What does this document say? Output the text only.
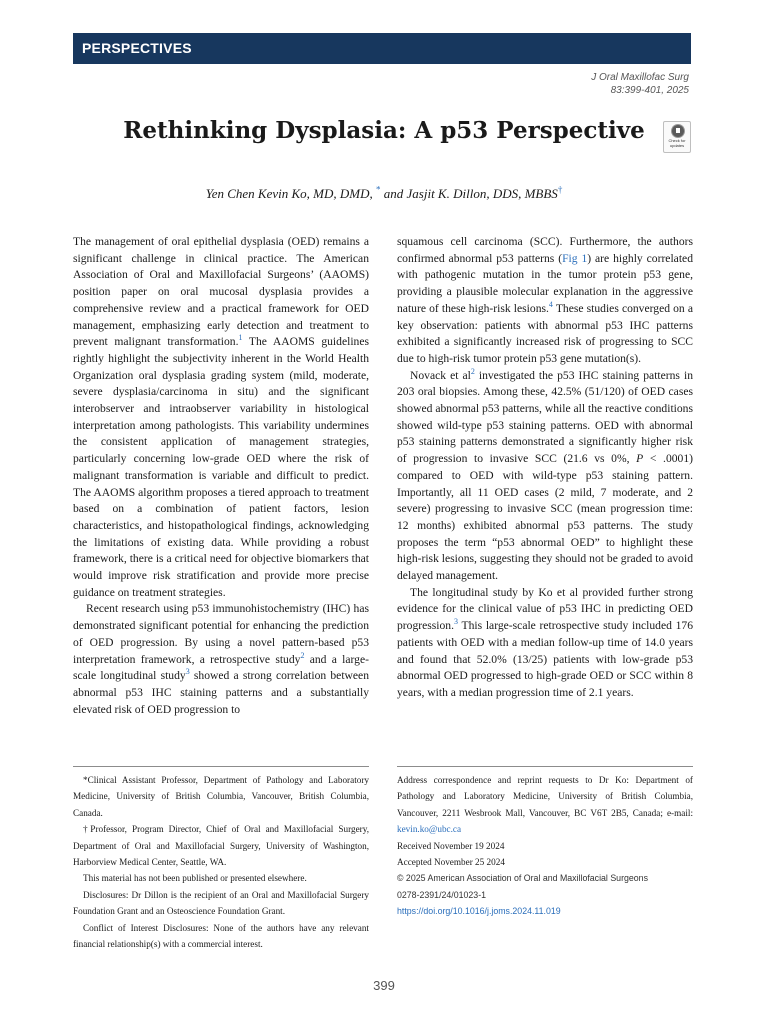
PERSPECTIVES
J Oral Maxillofac Surg
83:399-401, 2025
Rethinking Dysplasia: A p53 Perspective	Check for updates
Yen Chen Kevin Ko, MD, DMD, * and Jasjit K. Dillon, DDS, MBBS†

The management of oral epithelial dysplasia (OED) remains a significant challenge in clinical practice. The American Association of Oral and Maxillofacial Surgeons’ (AAOMS) position paper on oral mucosal dysplasia provides a comprehensive review and a practical framework for OED management, emphasizing early detection and treatment to prevent malignant transformation.$^1$ The AAOMS guidelines rightly highlight the subjectivity inherent in the World Health Organization oral dysplasia grading system (mild, moderate, severe dysplasia/carcinoma in situ) and the significant interobserver and intraobserver variability in histological interpretation among pathologists. This variability undermines the consistent application of management strategies, particularly concerning low-grade OED where the risk of malignant transformation is variable and difficult to predict. The AAOMS algorithm proposes a tiered approach to treatment based on a combination of patient factors, lesion characteristics, and histopathological findings, acknowledging the limitations of existing data. While providing a robust framework, there is a critical need for objective biomarkers that would improve risk stratification and provide more precise guidance on treatment strategies.

Recent research using p53 immunohistochemistry (IHC) has demonstrated significant potential for enhancing the prediction of OED progression. By using a novel pattern-based p53 interpretation framework, a retrospective study$^2$ and a large-scale longitudinal study$^3$ showed a strong correlation between abnormal p53 IHC staining patterns and a substantially elevated risk of OED progression to

squamous cell carcinoma (SCC). Furthermore, the authors confirmed abnormal p53 patterns (Fig 1) are highly correlated with pathogenic mutation in the tumor protein p53 gene, providing a plausible molecular explanation in the aggressive nature of these high-risk lesions.$^4$ These studies converged on a key observation: patients with abnormal p53 IHC patterns exhibited a significantly increased risk of progressing to SCC due to high-risk tumor protein p53 gene mutation(s).

Novack et $al^2$ investigated the p53 IHC staining patterns in 203 oral biopsies. Among these, 42.5% (51/120) of OED cases showed abnormal p53 patterns, while all the reactive conditions showed wild-type p53 staining patterns. OED with abnormal p53 staining patterns demonstrated a significantly higher risk of progression to invasive SCC (21.6 vs 0%, P < .0001) compared to OED with wild-type p53 staining pattern. Importantly, all 11 OED cases (2 mild, 7 moderate, and 2 severe) progressing to invasive SCC (mean progression time: 12 months) exhibited abnormal p53 patterns. The study proposes the term “p53 abnormal OED” to highlight these high-risk lesions, suggesting they should not be graded to avoid delayed management.

The longitudinal study by Ko et al provided further strong evidence for the clinical value of p53 IHC in predicting OED progression.$^3$ This large-scale retrospective study included 176 patients with OED with a median follow-up time of 14.0 years and found that 52.0% (13/25) patients with low-grade p53 abnormal OED progressed to high-grade OED or SCC within 8 years, with a median progression time of 2.1 years.

*Clinical Assistant Professor, Department of Pathology and Laboratory Medicine, University of British Columbia, Vancouver, British Columbia, Canada.

†Professor, Program Director, Chief of Oral and Maxillofacial Surgery, Department of Oral and Maxillofacial Surgery, University of Washington, Harborview Medical Center, Seattle, WA.

This material has not been published or presented elsewhere.

Disclosures: Dr Dillon is the recipient of an Oral and Maxillofacial Surgery Foundation Grant and an Osteoscience Foundation Grant.

Conflict of Interest Disclosures: None of the authors have any relevant financial relationship(s) with a commercial interest.

Address correspondence and reprint requests to Dr Ko: Department of Pathology and Laboratory Medicine, University of British Columbia, Vancouver, 2211 Wesbrook Mall, Vancouver, BC V6T 2B5, Canada; e-mail: kevin.ko@ubc.ca

Received November 19 2024

Accepted November 25 2024

© 2025 American Association of Oral and Maxillofacial Surgeons

0278-2391/24/01023-1

https://doi.org/10.1016/j.joms.2024.11.019

399
